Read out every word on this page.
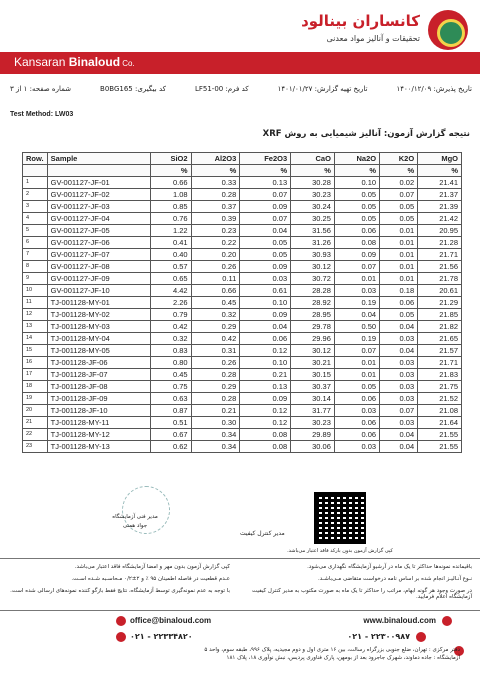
کانساران بینالود
تحقیقات و آنالیز مواد معدنی
Kansaran Binaloud Co.
تاریخ پذیرش: ۱۴۰۰/۱۲/۰۹
تاریخ تهیه گزارش: ۱۴۰۱/۰۱/۲۷
کد فرم: LF51-00
کد بیگیری: B0BG165
شماره صفحه: ۱ از ۳
Test Method: LW03
نتیجه گزارش آزمون: آنالیز شیمیایی به روش XRF
Row.	Sample	SiO2	Al2O3	Fe2O3	CaO	Na2O	K2O	MgO
		%	%	%	%	%	%	%
1	GV-001127-JF-01	0.66	0.33	0.13	30.28	0.10	0.02	21.41
2	GV-001127-JF-02	1.08	0.28	0.07	30.23	0.05	0.07	21.37
3	GV-001127-JF-03	0.85	0.37	0.09	30.24	0.05	0.05	21.39
4	GV-001127-JF-04	0.76	0.39	0.07	30.25	0.05	0.05	21.42
5	GV-001127-JF-05	1.22	0.23	0.04	31.56	0.06	0.01	20.95
6	GV-001127-JF-06	0.41	0.22	0.05	31.26	0.08	0.01	21.28
7	GV-001127-JF-07	0.40	0.20	0.05	30.93	0.09	0.01	21.71
8	GV-001127-JF-08	0.57	0.26	0.09	30.12	0.07	0.01	21.56
9	GV-001127-JF-09	0.65	0.11	0.03	30.72	0.01	0.01	21.78
10	GV-001127-JF-10	4.42	0.66	0.61	28.28	0.03	0.18	20.61
11	TJ-001128-MY-01	2.26	0.45	0.10	28.92	0.19	0.06	21.29
12	TJ-001128-MY-02	0.79	0.32	0.09	28.95	0.04	0.05	21.85
13	TJ-001128-MY-03	0.42	0.29	0.04	29.78	0.50	0.04	21.82
14	TJ-001128-MY-04	0.32	0.42	0.06	29.96	0.19	0.03	21.65
15	TJ-001128-MY-05	0.83	0.31	0.12	30.12	0.07	0.04	21.57
16	TJ-001128-JF-06	0.80	0.26	0.10	30.21	0.01	0.03	21.71
17	TJ-001128-JF-07	0.45	0.28	0.21	30.15	0.01	0.03	21.83
18	TJ-001128-JF-08	0.75	0.29	0.13	30.37	0.05	0.03	21.75
19	TJ-001128-JF-09	0.63	0.28	0.09	30.14	0.06	0.03	21.52
20	TJ-001128-JF-10	0.87	0.21	0.12	31.77	0.03	0.07	21.08
21	TJ-001128-MY-11	0.51	0.30	0.12	30.23	0.06	0.03	21.64
22	TJ-001128-MY-12	0.67	0.34	0.08	29.89	0.06	0.04	21.55
23	TJ-001128-MY-13	0.62	0.34	0.08	30.06	0.03	0.04	21.55
مدیر فنی آزمایشگاه
جواد همتی
مدیر کنترل کیفیت
کپی گزارش آزمون بدون بارکد فاقد اعتبار می‌باشد.
باقیمانده نمونه‌ها حداکثر تا یک ماه در آرشیو آزمایشگاه نگهداری می‌شود.
نـوع آنـالیـز انجام شده بر اساس نامه درخواست متقاضی مـی‌باشـد.
در صورت وجود هر گونه ابهام، مراتب را حداکثر تا یک ماه به صورت مکتوب به مدیر کنترل کیفیت آزمایشگاه اعلام فرمایید.
کپی گزارش آزمون بدون مهر و امضا آزمایشگاه فاقد اعتبار می‌باشد.
عـدم قطعیت در فاصله اطمینان ۹۵ ٪ و ۲±۰/۲ مـحاسـبه شـده اسـت.
با توجه به عدم نمونه‌گیری توسط آزمایشگاه، نتایج فقط بازگو کننده نمونه‌های ارسالی شده است.
www.binaloud.com
office@binaloud.com
۰۲۱ - ۲۲۳۰۰۹۸۷
۰۲۱ - ۲۲۳۳۴۸۲۰
دفتر مرکزی : تهران، ضلع جنوبی بزرگراه رسالت، بین ۱۶ متری اول و دوم مجیدیه، پلاک ۹۹۶، طبقه سوم، واحد ۵
آزمایشگاه : جاده دماوند، شهرک جاجرود بعد از بومهن، پارک فناوری پردیس، نبش نوآوری ۱۸، پلاک ۱۸۱
